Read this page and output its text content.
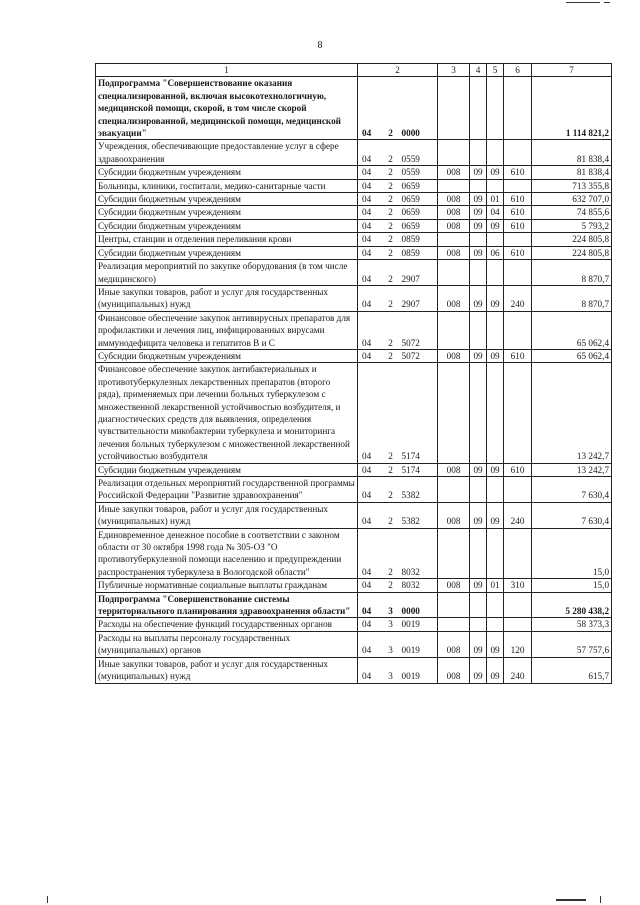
8
1	2			3	4	5	6	7
Подпрограмма "Совершенствование оказания специализированной, включая высокотехнологичную, медицинской помощи, скорой, в том числе скорой специализированной, медицинской помощи, медицинской эвакуации"	04	2	0000					1 114 821,2
Учреждения, обеспечивающие предоставление услуг в сфере здравоохранения	04	2	0559					81 838,4
Субсидии бюджетным учреждениям	04	2	0559	008	09	09	610	81 838,4
Больницы, клиники, госпитали, медико-санитарные части	04	2	0659					713 355,8
Субсидии бюджетным учреждениям	04	2	0659	008	09	01	610	632 707,0
Субсидии бюджетным учреждениям	04	2	0659	008	09	04	610	74 855,6
Субсидии бюджетным учреждениям	04	2	0659	008	09	09	610	5 793,2
Центры, станции и отделения переливания крови	04	2	0859					224 805,8
Субсидии бюджетным учреждениям	04	2	0859	008	09	06	610	224 805,8
Реализация мероприятий по закупке оборудования (в том числе медицинского)	04	2	2907					8 870,7
Иные закупки товаров, работ и услуг для государственных (муниципальных) нужд	04	2	2907	008	09	09	240	8 870,7
Финансовое обеспечение закупок антивирусных препаратов для профилактики и лечения лиц, инфицированных вирусами иммунодефицита человека и гепатитов В и С	04	2	5072					65 062,4
Субсидии бюджетным учреждениям	04	2	5072	008	09	09	610	65 062,4
Финансовое обеспечение закупок антибактериальных и противотуберкулезных лекарственных препаратов (второго ряда), применяемых при лечении больных туберкулезом с множественной лекарственной устойчивостью возбудителя, и диагностических средств для выявления, определения чувствительности микобактерии туберкулеза и мониторинга лечения больных туберкулезом с множественной лекарственной устойчивостью возбудителя	04	2	5174					13 242,7
Субсидии бюджетным учреждениям	04	2	5174	008	09	09	610	13 242,7
Реализация отдельных мероприятий государственной программы Российской Федерации "Развитие здравоохранения"	04	2	5382					7 630,4
Иные закупки товаров, работ и услуг для государственных (муниципальных) нужд	04	2	5382	008	09	09	240	7 630,4
Единовременное денежное пособие в соответствии с законом области от 30 октября 1998 года № 305-ОЗ "О противотуберкулезной помощи населению и предупреждении распространения туберкулеза в Вологодской области"	04	2	8032					15,0
Публичные нормативные социальные выплаты гражданам	04	2	8032	008	09	01	310	15,0
Подпрограмма "Совершенствование системы территориального планирования здравоохранения области"	04	3	0000					5 280 438,2
Расходы на обеспечение функций государственных органов	04	3	0019					58 373,3
Расходы на выплаты персоналу государственных (муниципальных) органов	04	3	0019	008	09	09	120	57 757,6
Иные закупки товаров, работ и услуг для государственных (муниципальных) нужд	04	3	0019	008	09	09	240	615,7
